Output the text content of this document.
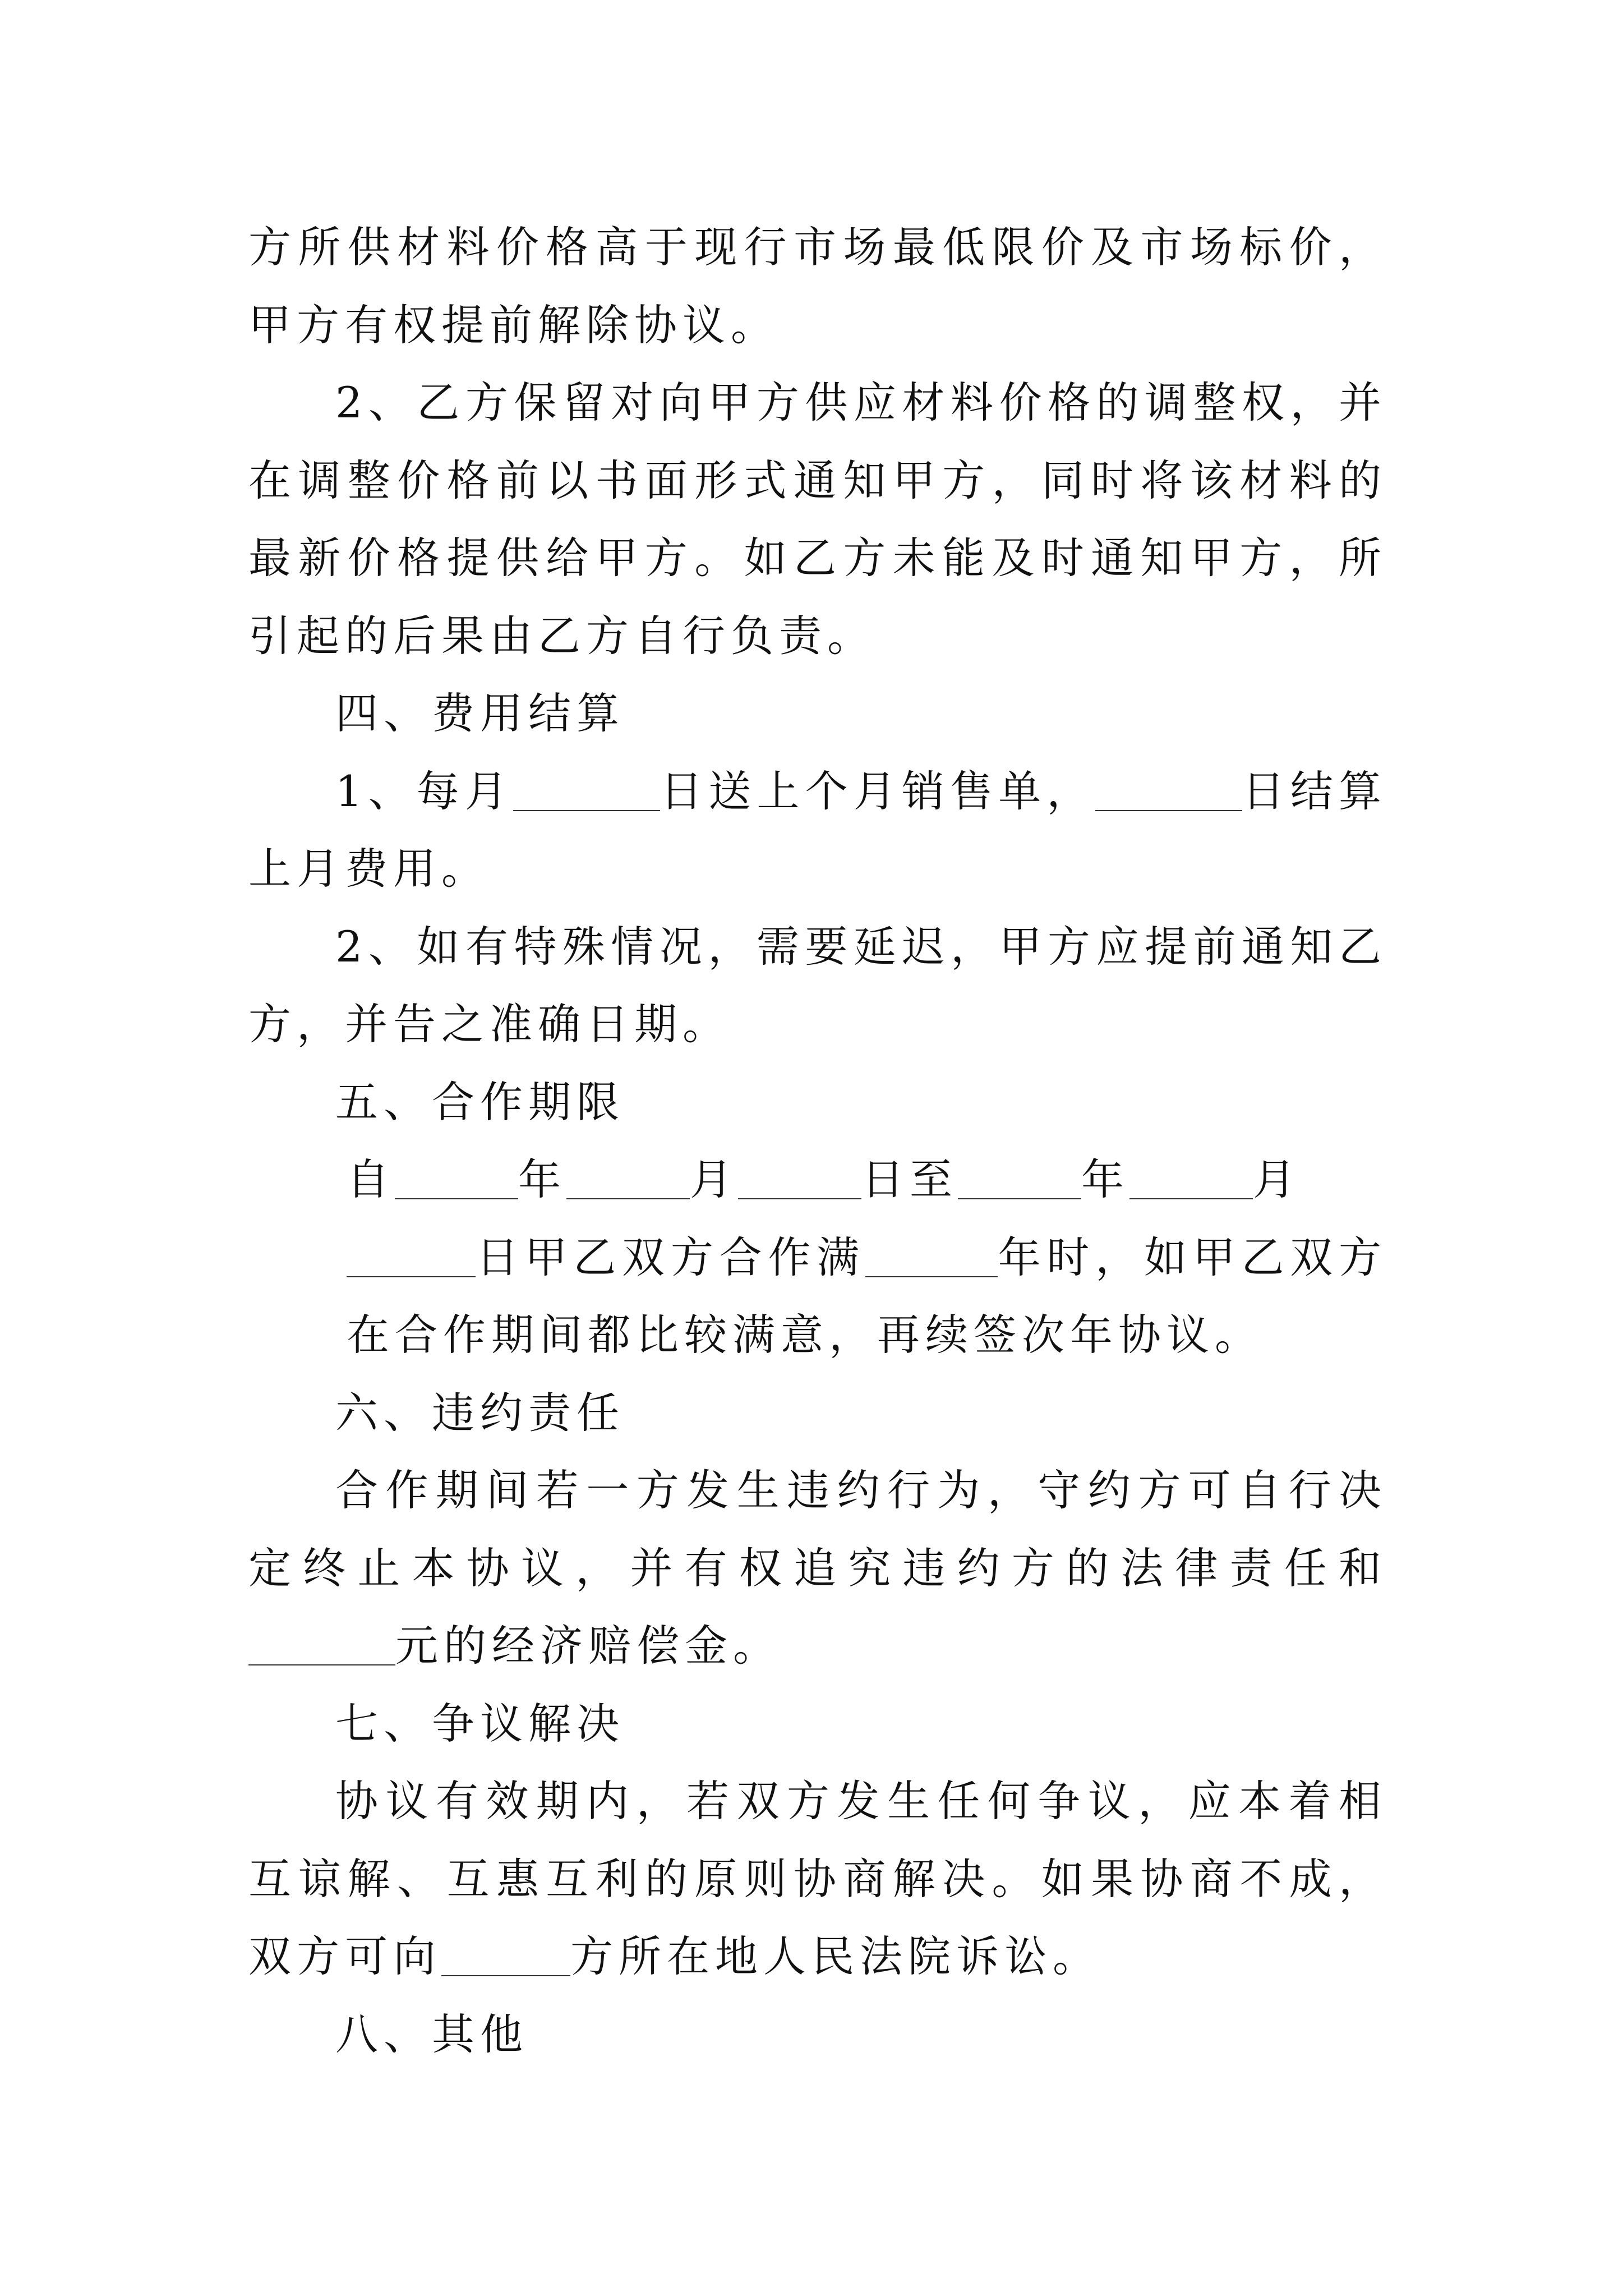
方所供材料价格高于现行市场最低限价及市场标价，甲方有权提前解除协议。

2、乙方保留对向甲方供应材料价格的调整权，并在调整价格前以书面形式通知甲方，同时将该材料的最新价格提供给甲方。如乙方未能及时通知甲方，所引起的后果由乙方自行负责。

四、费用结算

1、每月	日送上个月销售单，	日结算上月费用。

2、如有特殊情况，需要延迟，甲方应提前通知乙方，并告之准确日期。

五、合作期限

自	年	月	日至	年	月
日甲乙双方合作满	年时，如甲乙双方在合作期间都比较满意，再续签次年协议。

六、违约责任

合作期间若一方发生违约行为，守约方可自行决定终止本协议，并有权追究违约方的法律责任和元的经济赔偿金。

七、争议解决

协议有效期内，若双方发生任何争议，应本着相互谅解、互惠互利的原则协商解决。如果协商不成，双方可向	方所在地人民法院诉讼。

八、其他
